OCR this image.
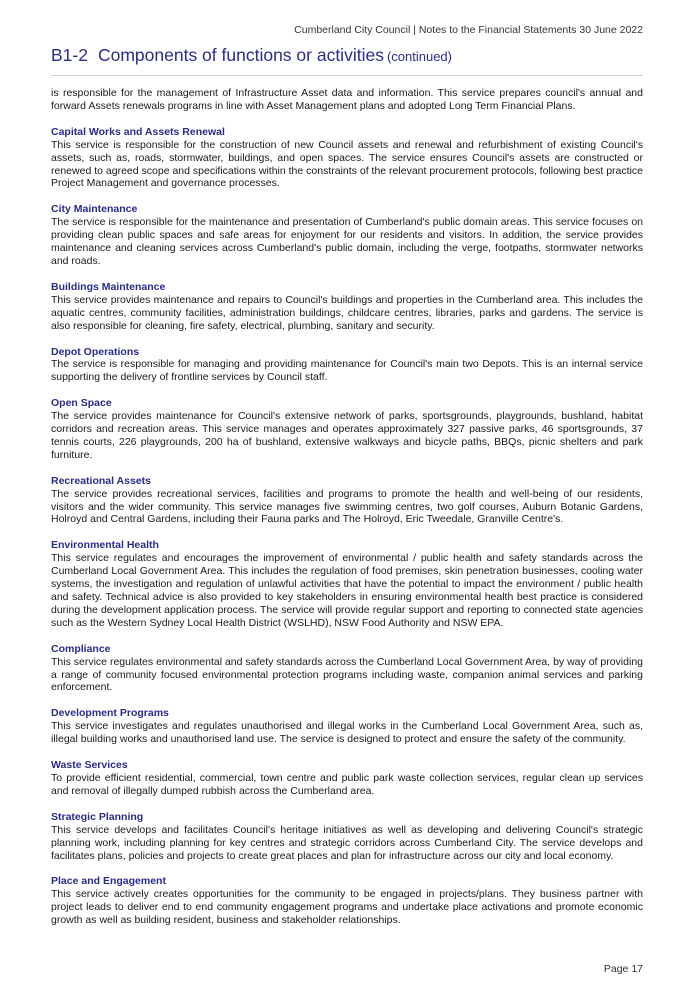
Cumberland City Council | Notes to the Financial Statements 30 June 2022
B1-2 Components of functions or activities (continued)

is responsible for the management of Infrastructure Asset data and information. This service prepares council's annual and forward Assets renewals programs in line with Asset Management plans and adopted Long Term Financial Plans.

Capital Works and Assets Renewal

This service is responsible for the construction of new Council assets and renewal and refurbishment of existing Council's assets, such as, roads, stormwater, buildings, and open spaces. The service ensures Council's assets are constructed or renewed to agreed scope and specifications within the constraints of the relevant procurement protocols, following best practice Project Management and governance processes.

City Maintenance

The service is responsible for the maintenance and presentation of Cumberland's public domain areas. This service focuses on providing clean public spaces and safe areas for enjoyment for our residents and visitors. In addition, the service provides maintenance and cleaning services across Cumberland's public domain, including the verge, footpaths, stormwater networks and roads.

Buildings Maintenance

This service provides maintenance and repairs to Council's buildings and properties in the Cumberland area. This includes the aquatic centres, community facilities, administration buildings, childcare centres, libraries, parks and gardens. The service is also responsible for cleaning, fire safety, electrical, plumbing, sanitary and security.

Depot Operations

The service is responsible for managing and providing maintenance for Council's main two Depots. This is an internal service supporting the delivery of frontline services by Council staff.

Open Space

The service provides maintenance for Council's extensive network of parks, sportsgrounds, playgrounds, bushland, habitat corridors and recreation areas. This service manages and operates approximately 327 passive parks, 46 sportsgrounds, 37 tennis courts, 226 playgrounds, 200 ha of bushland, extensive walkways and bicycle paths, BBQs, picnic shelters and park furniture.

Recreational Assets

The service provides recreational services, facilities and programs to promote the health and well-being of our residents, visitors and the wider community. This service manages five swimming centres, two golf courses, Auburn Botanic Gardens, Holroyd and Central Gardens, including their Fauna parks and The Holroyd, Eric Tweedale, Granville Centre's.

Environmental Health

This service regulates and encourages the improvement of environmental / public health and safety standards across the Cumberland Local Government Area. This includes the regulation of food premises, skin penetration businesses, cooling water systems, the investigation and regulation of unlawful activities that have the potential to impact the environment / public health and safety. Technical advice is also provided to key stakeholders in ensuring environmental health best practice is considered during the development application process. The service will provide regular support and reporting to connected state agencies such as the Western Sydney Local Health District (WSLHD), NSW Food Authority and NSW EPA.

Compliance

This service regulates environmental and safety standards across the Cumberland Local Government Area, by way of providing a range of community focused environmental protection programs including waste, companion animal services and parking enforcement.

Development Programs

This service investigates and regulates unauthorised and illegal works in the Cumberland Local Government Area, such as, illegal building works and unauthorised land use. The service is designed to protect and ensure the safety of the community.

Waste Services

To provide efficient residential, commercial, town centre and public park waste collection services, regular clean up services and removal of illegally dumped rubbish across the Cumberland area.

Strategic Planning

This service develops and facilitates Council's heritage initiatives as well as developing and delivering Council's strategic planning work, including planning for key centres and strategic corridors across Cumberland City. The service develops and facilitates plans, policies and projects to create great places and plan for infrastructure across our city and local economy.

Place and Engagement

This service actively creates opportunities for the community to be engaged in projects/plans. They business partner with project leads to deliver end to end community engagement programs and undertake place activations and promote economic growth as well as building resident, business and stakeholder relationships.

Page 17
